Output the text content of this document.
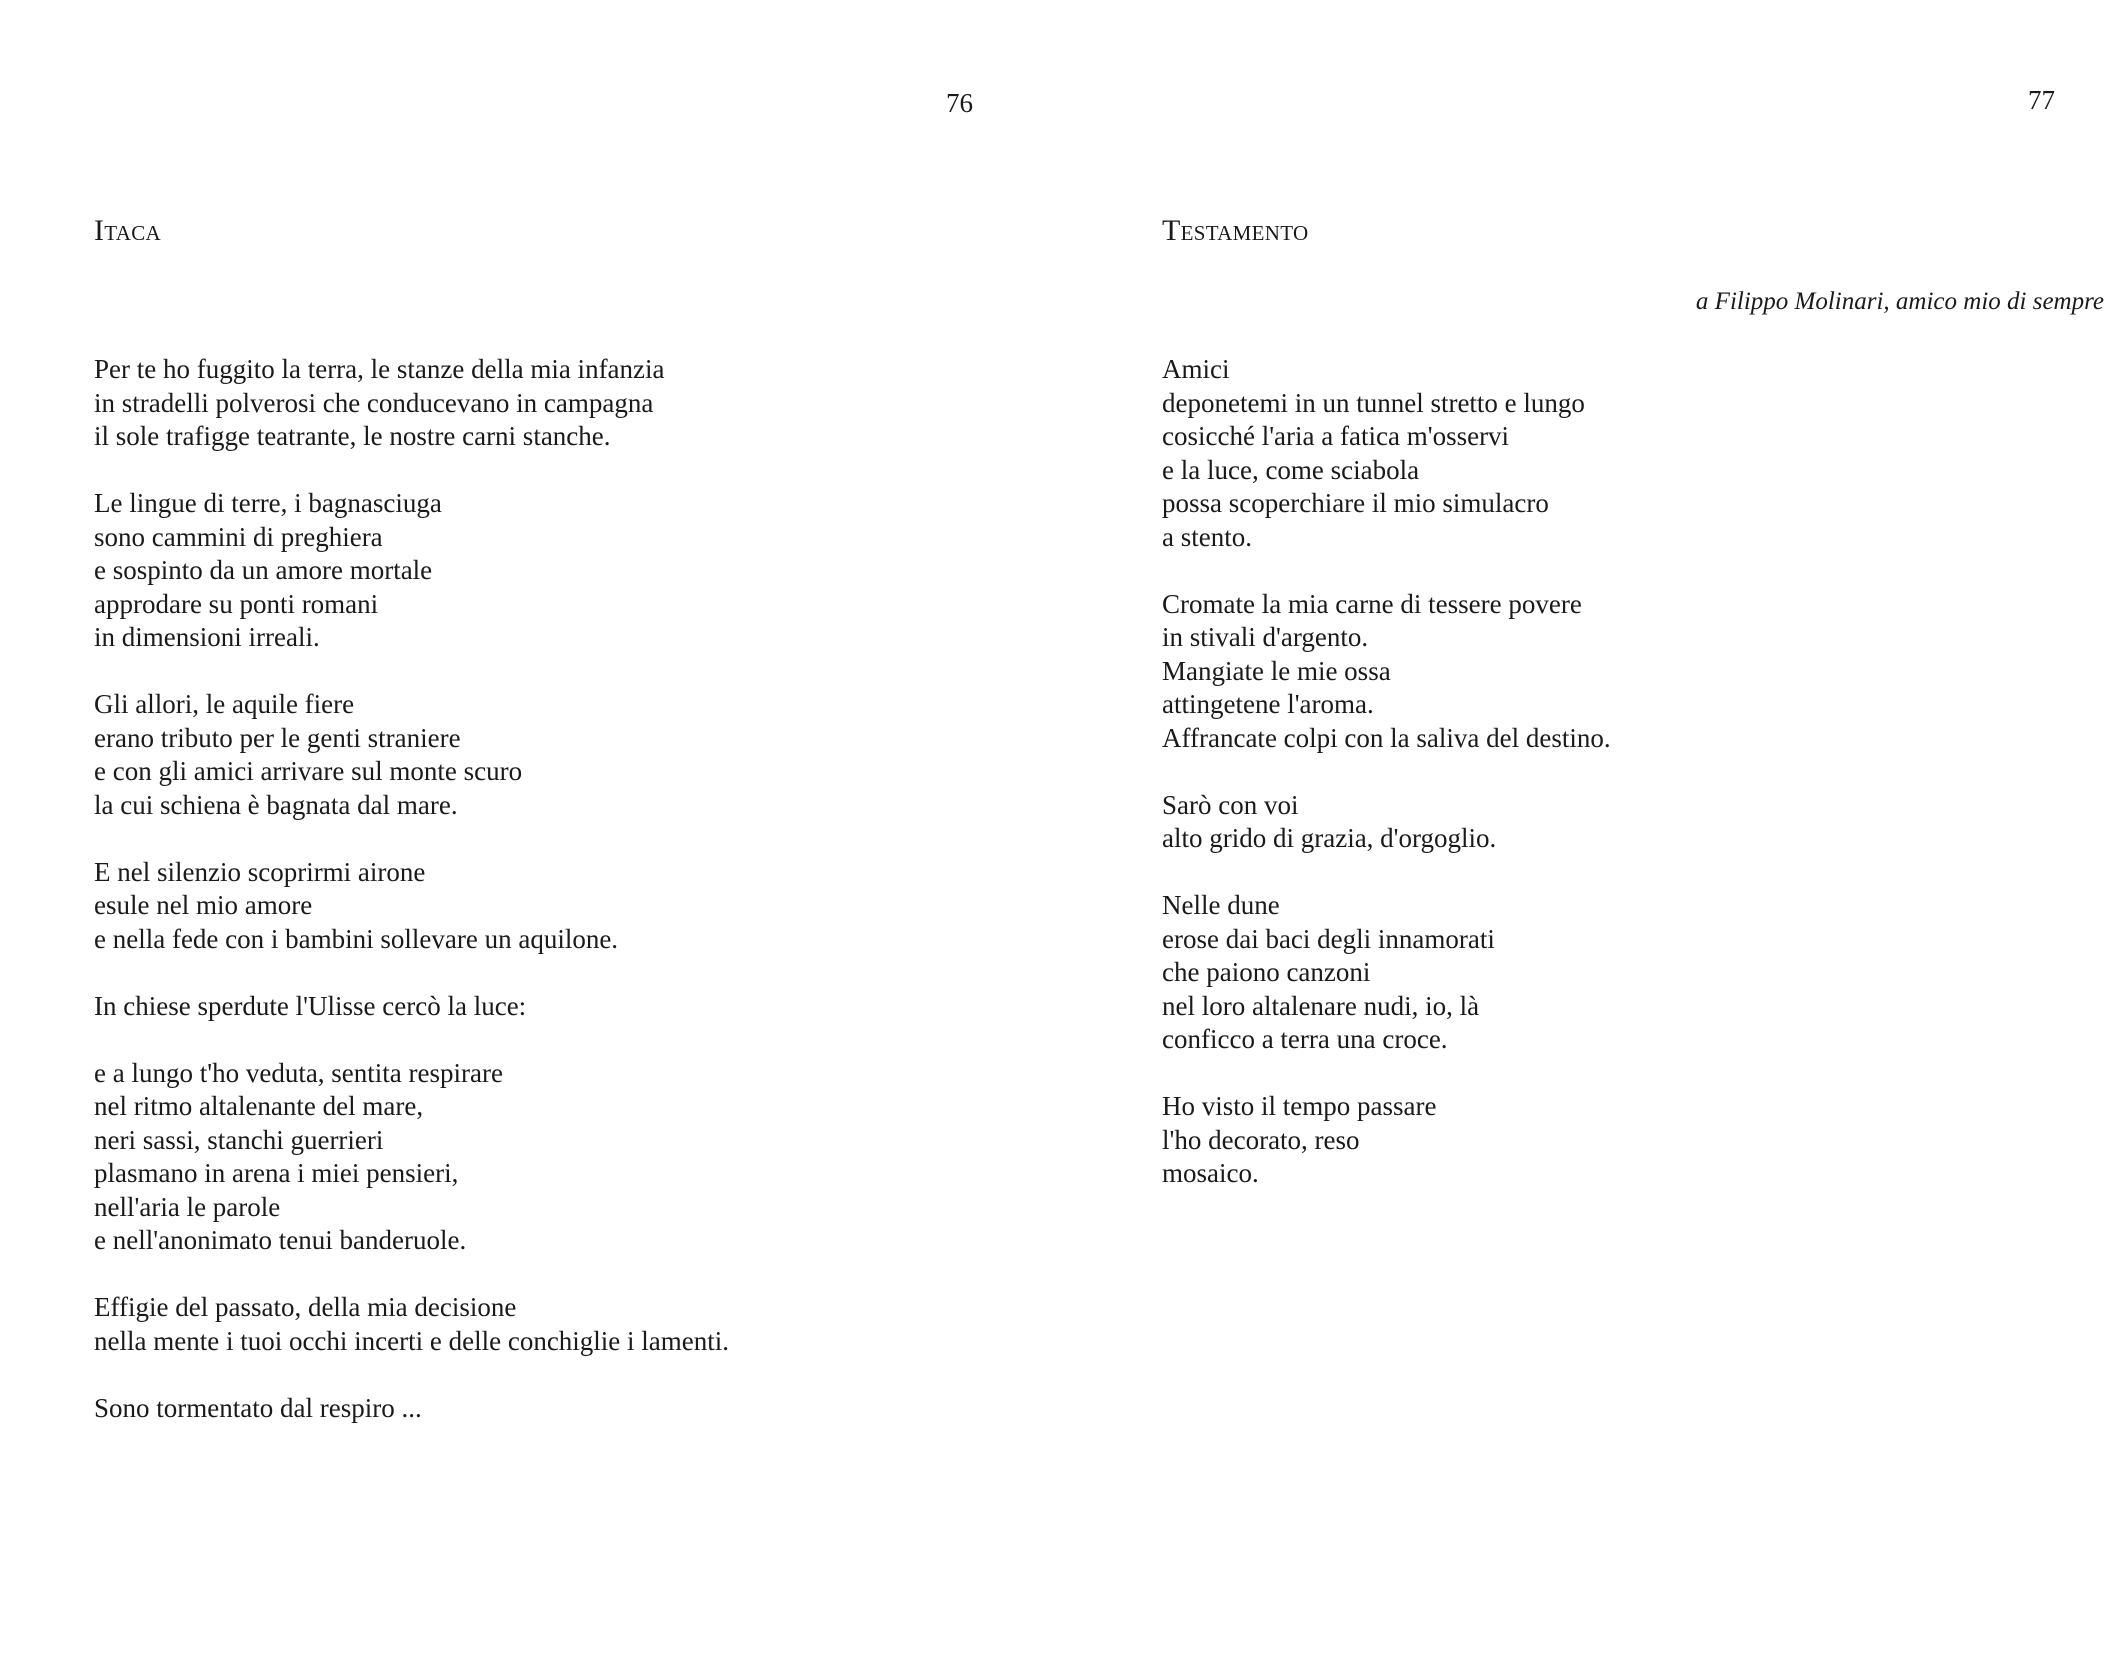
76
Itaca
Per te ho fuggito la terra, le stanze della mia infanzia
in stradelli polverosi che conducevano in campagna
il sole trafigge teatrante, le nostre carni stanche.
Le lingue di terre, i bagnasciuga
sono cammini di preghiera
e sospinto da un amore mortale
approdare su ponti romani
in dimensioni irreali.
Gli allori, le aquile fiere
erano tributo per le genti straniere
e con gli amici arrivare sul monte scuro
la cui schiena è bagnata dal mare.
E nel silenzio scoprirmi airone
esule nel mio amore
e nella fede con i bambini sollevare un aquilone.
In chiese sperdute l'Ulisse cercò la luce:
e a lungo t'ho veduta, sentita respirare
nel ritmo altalenante del mare,
neri sassi, stanchi guerrieri
plasmano in arena i miei pensieri,
nell'aria le parole
e nell'anonimato tenui banderuole.
Effigie del passato, della mia decisione
nella mente i tuoi occhi incerti e delle conchiglie i lamenti.
Sono tormentato dal respiro ...
77
Testamento
a Filippo Molinari, amico mio di sempre
Amici
deponetemi in un tunnel stretto e lungo
cosicché l'aria a fatica m'osservi
e la luce, come sciabola
possa scoperchiare il mio simulacro
a stento.
Cromate la mia carne di tessere povere
in stivali d'argento.
Mangiate le mie ossa
attingetene l'aroma.
Affrancate colpi con la saliva del destino.
Sarò con voi
alto grido di grazia, d'orgoglio.
Nelle dune
erose dai baci degli innamorati
che paiono canzoni
nel loro altalenare nudi, io, là
conficco a terra una croce.
Ho visto il tempo passare
l'ho decorato, reso
mosaico.
